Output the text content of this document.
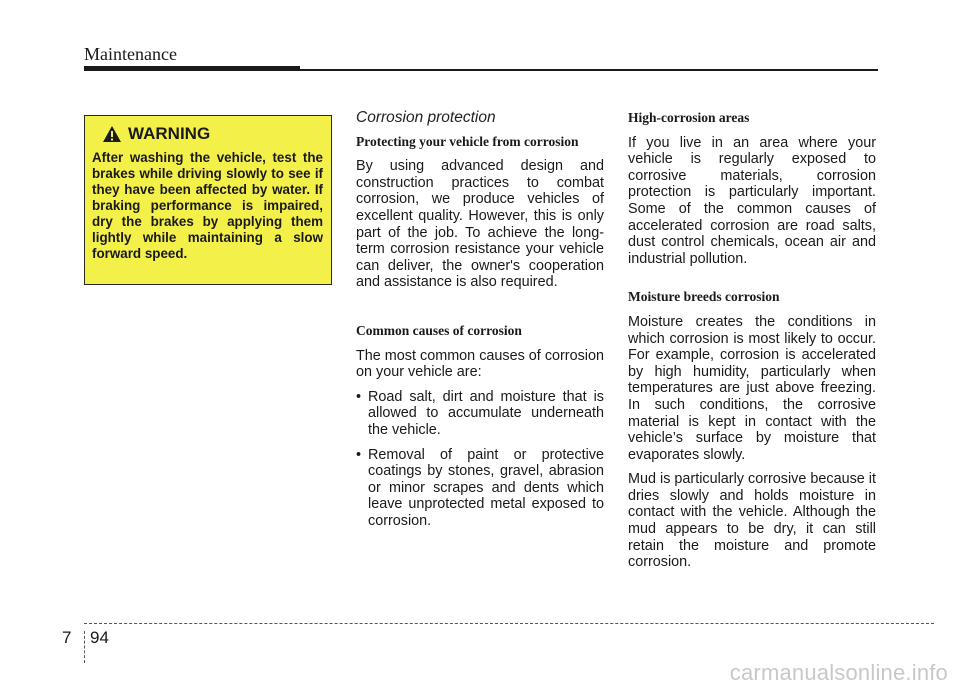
Maintenance
WARNING
After washing the vehicle, test the brakes while driving slowly to see if they have been affected by water. If braking performance is impaired, dry the brakes by applying them lightly while maintaining a slow forward speed.
Corrosion protection
Protecting your vehicle from corrosion

By using advanced design and construction practices to combat corrosion, we produce vehicles of excellent quality. However, this is only part of the job. To achieve the long-term corrosion resistance your vehicle can deliver, the owner's cooperation and assistance is also required.

Common causes of corrosion

The most common causes of corrosion on your vehicle are:

• Road salt, dirt and moisture that is allowed to accumulate underneath the vehicle.
• Removal of paint or protective coatings by stones, gravel, abrasion or minor scrapes and dents which leave unprotected metal exposed to corrosion.
High-corrosion areas

If you live in an area where your vehicle is regularly exposed to corrosive materials, corrosion protection is particularly important. Some of the common causes of accelerated corrosion are road salts, dust control chemicals, ocean air and industrial pollution.

Moisture breeds corrosion

Moisture creates the conditions in which corrosion is most likely to occur. For example, corrosion is accelerated by high humidity, particularly when temperatures are just above freezing. In such conditions, the corrosive material is kept in contact with the vehicle’s surface by moisture that evaporates slowly.

Mud is particularly corrosive because it dries slowly and holds moisture in contact with the vehicle. Although the mud appears to be dry, it can still retain the moisture and promote corrosion.

7 94
carmanualsonline.info
